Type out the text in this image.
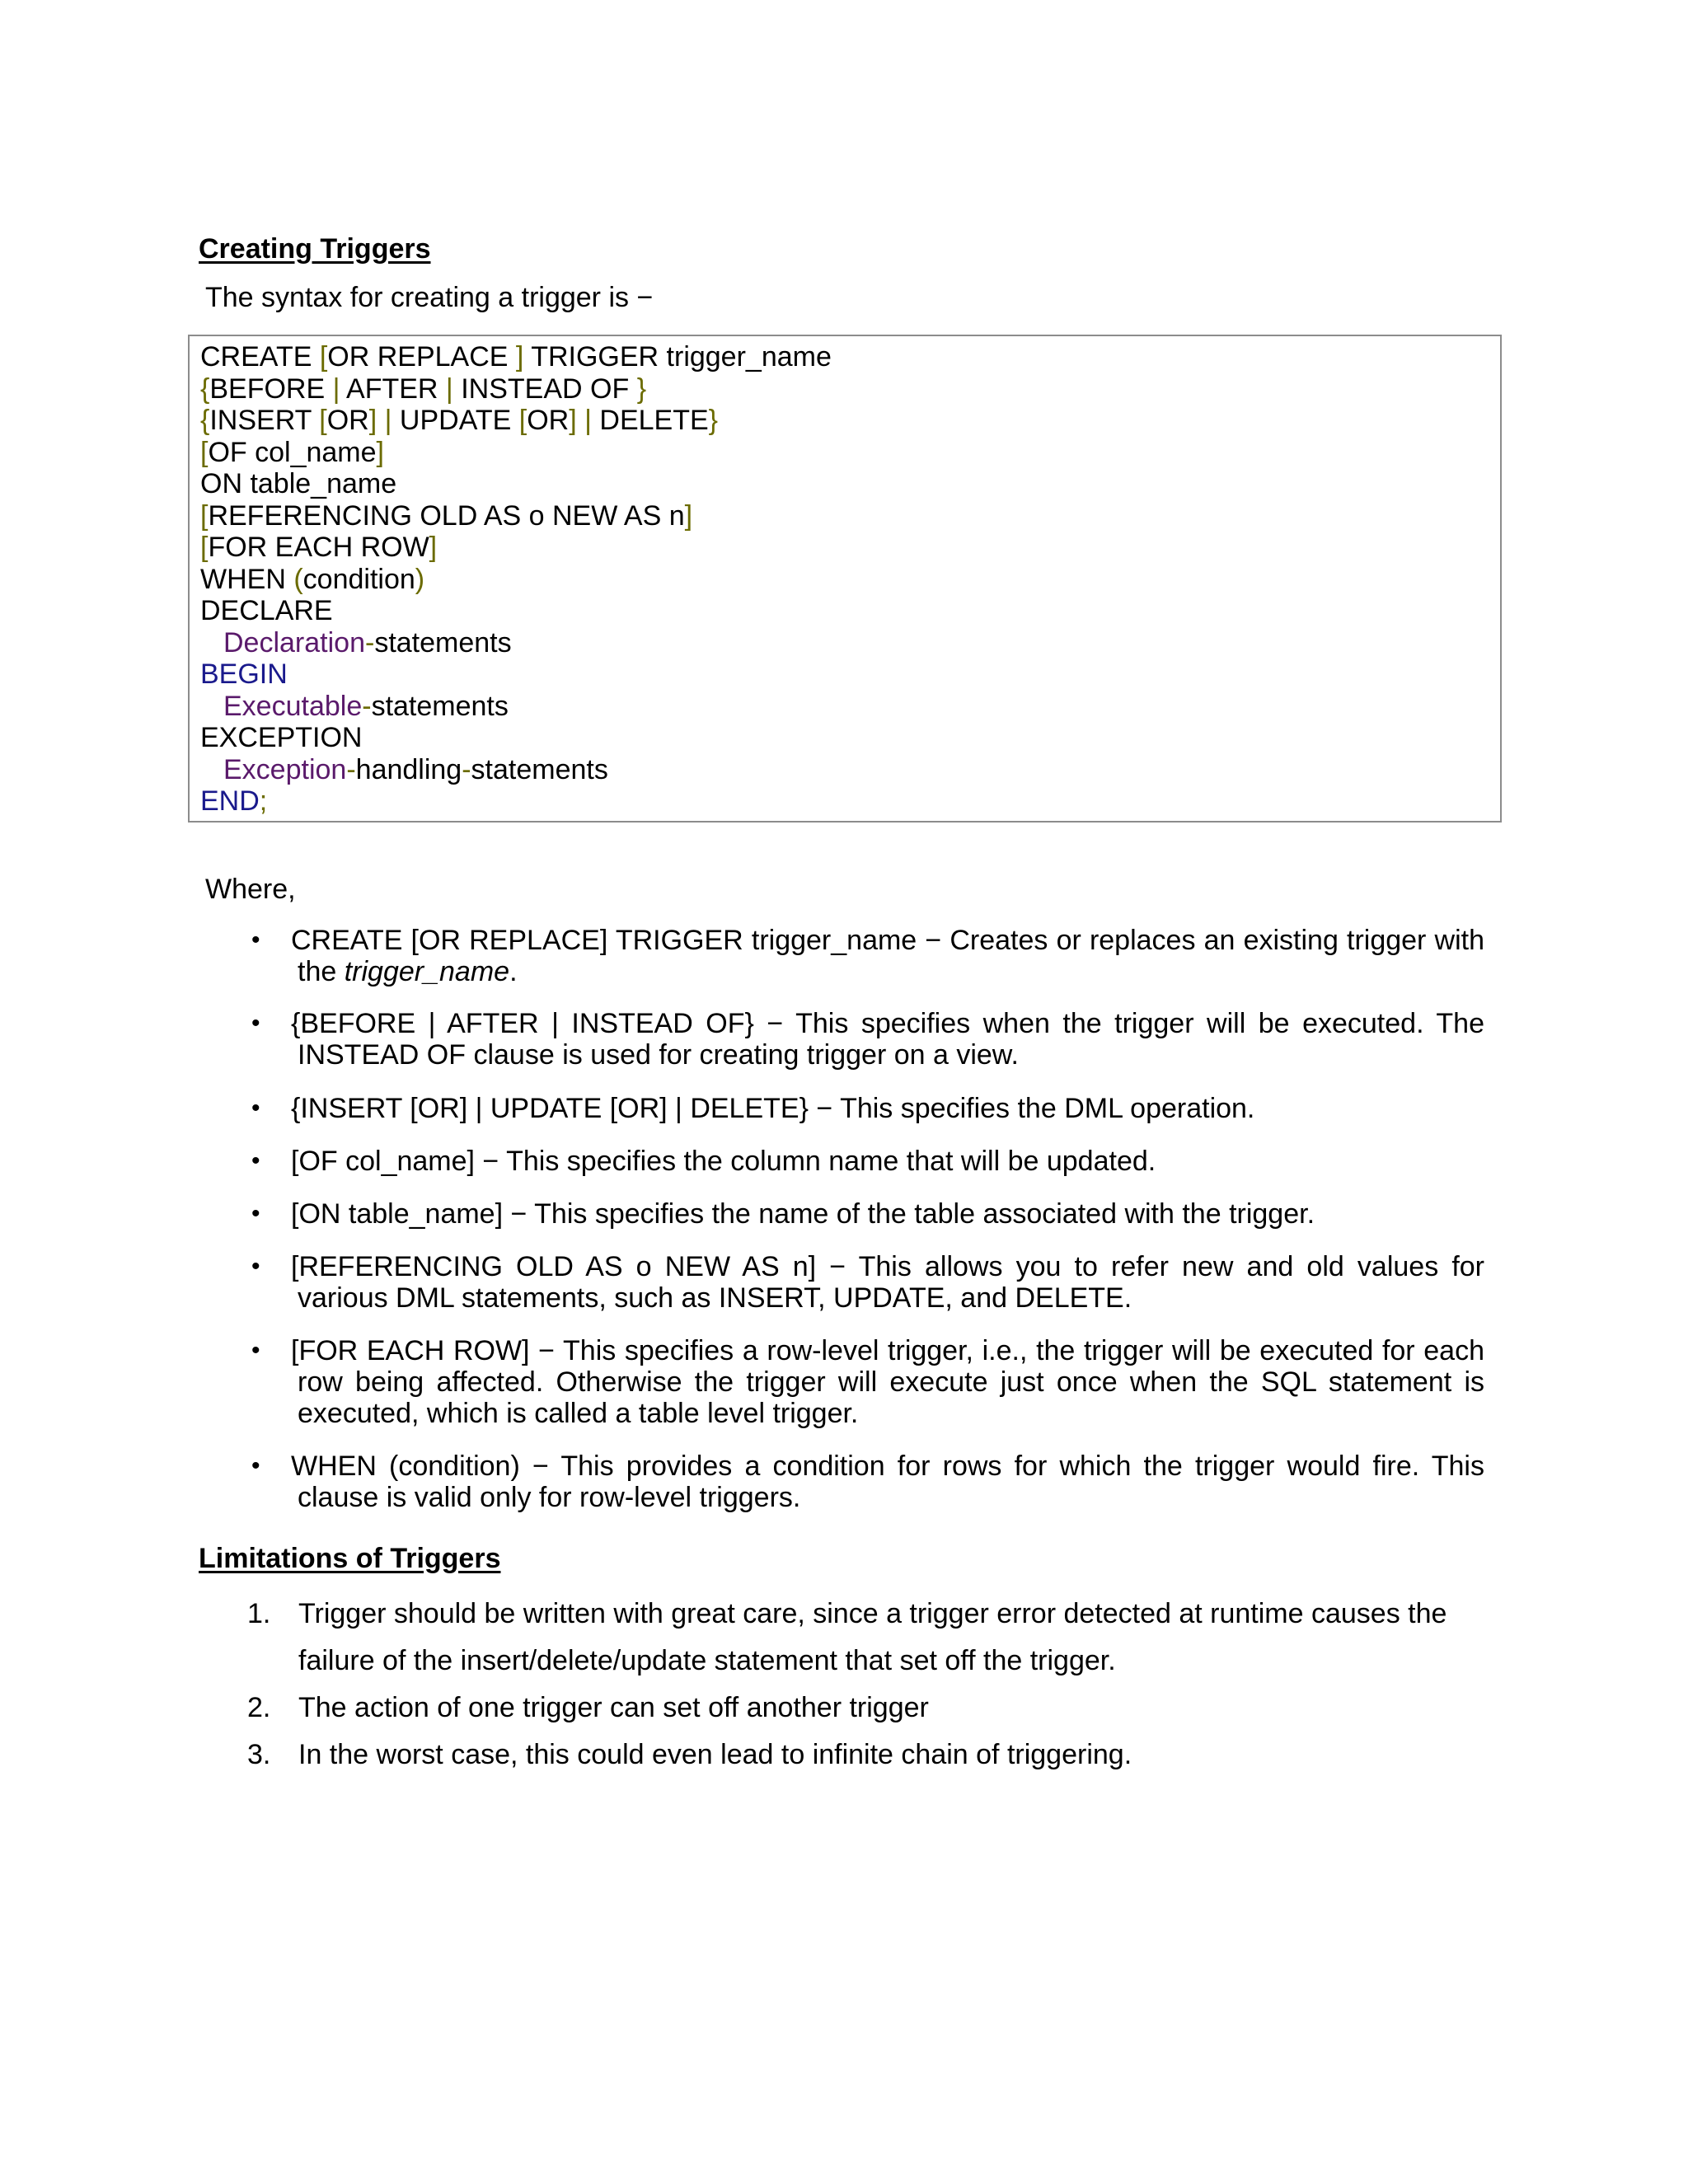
Creating Triggers
The syntax for creating a trigger is −
CREATE [OR REPLACE ] TRIGGER trigger_name
{BEFORE | AFTER | INSTEAD OF }
{INSERT [OR] | UPDATE [OR] | DELETE}
[OF col_name]
ON table_name
[REFERENCING OLD AS o NEW AS n]
[FOR EACH ROW]
WHEN (condition)
DECLARE
Declaration-statements
BEGIN
Executable-statements
EXCEPTION
Exception-handling-statements
END;
Where,
•	CREATE [OR REPLACE] TRIGGER trigger_name − Creates or replaces an existing trigger with the trigger_name.
•	{BEFORE | AFTER | INSTEAD OF} − This specifies when the trigger will be executed. The INSTEAD OF clause is used for creating trigger on a view.
•	{INSERT [OR] | UPDATE [OR] | DELETE} − This specifies the DML operation.
•	[OF col_name] − This specifies the column name that will be updated.
•	[ON table_name] − This specifies the name of the table associated with the trigger.
•	[REFERENCING OLD AS o NEW AS n] − This allows you to refer new and old values for various DML statements, such as INSERT, UPDATE, and DELETE.
•	[FOR EACH ROW] − This specifies a row-level trigger, i.e., the trigger will be executed for each row being affected. Otherwise the trigger will execute just once when the SQL statement is executed, which is called a table level trigger.
•	WHEN (condition) − This provides a condition for rows for which the trigger would fire. This clause is valid only for row-level triggers.
Limitations of Triggers
1. Trigger should be written with great care, since a trigger error detected at runtime causes the failure of the insert/delete/update statement that set off the trigger.
2. The action of one trigger can set off another trigger
3. In the worst case, this could even lead to infinite chain of triggering.
